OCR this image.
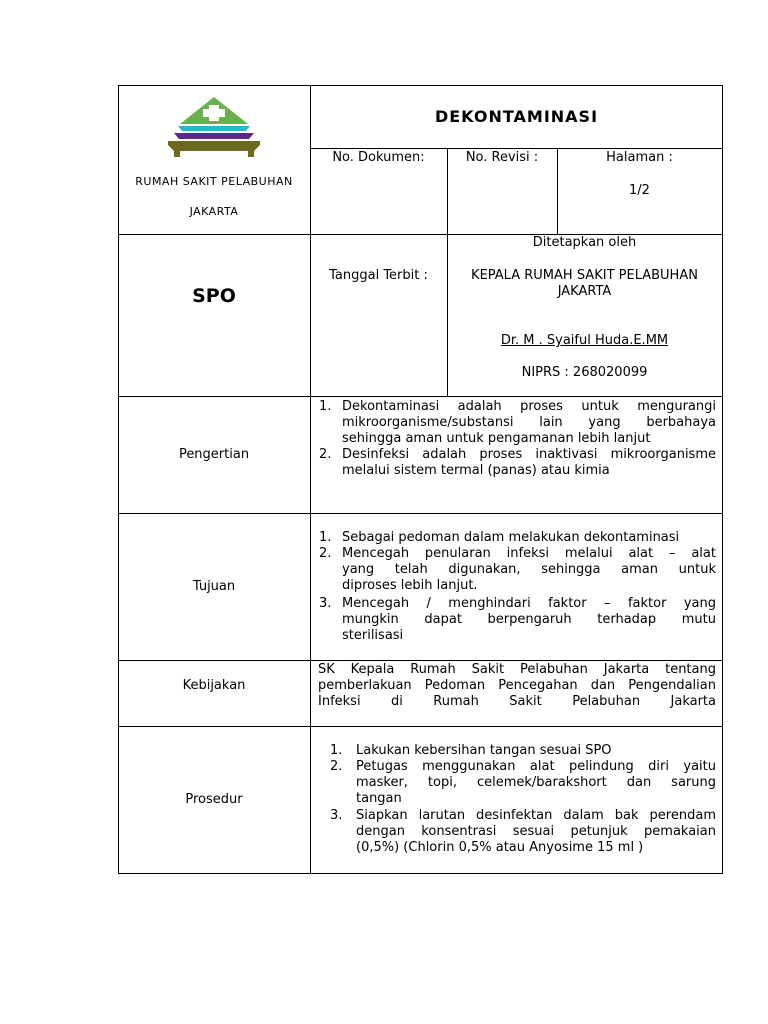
RUMAH SAKIT PELABUHAN
JAKARTA
DEKONTAMINASI
No. Dokumen:	No. Revisi :	Halaman :
1/2
SPO
Tanggal Terbit :
Ditetapkan oleh
KEPALA RUMAH SAKIT PELABUHAN
JAKARTA
Dr. M . Syaiful Huda.E.MM
NIPRS : 268020099
Pengertian
1. Dekontaminasi adalah proses untuk mengurangi
mikroorganisme/substansi lain yang berbahaya
sehingga aman untuk pengamanan lebih lanjut
2. Desinfeksi adalah proses inaktivasi mikroorganisme
melalui sistem termal (panas) atau kimia
Tujuan
1. Sebagai pedoman dalam melakukan dekontaminasi
2. Mencegah penularan infeksi melalui alat – alat
yang telah digunakan, sehingga aman untuk
diproses lebih lanjut.
3. Mencegah / menghindari faktor – faktor yang
mungkin dapat berpengaruh terhadap mutu
sterilisasi
Kebijakan
SK Kepala Rumah Sakit Pelabuhan Jakarta tentang
pemberlakuan Pedoman Pencegahan dan Pengendalian
Infeksi di Rumah Sakit Pelabuhan Jakarta
Prosedur
1. Lakukan kebersihan tangan sesuai SPO
2. Petugas menggunakan alat pelindung diri yaitu
masker, topi, celemek/barakshort dan sarung
tangan
3. Siapkan larutan desinfektan dalam bak perendam
dengan konsentrasi sesuai petunjuk pemakaian
(0,5%) (Chlorin 0,5% atau Anyosime 15 ml )
